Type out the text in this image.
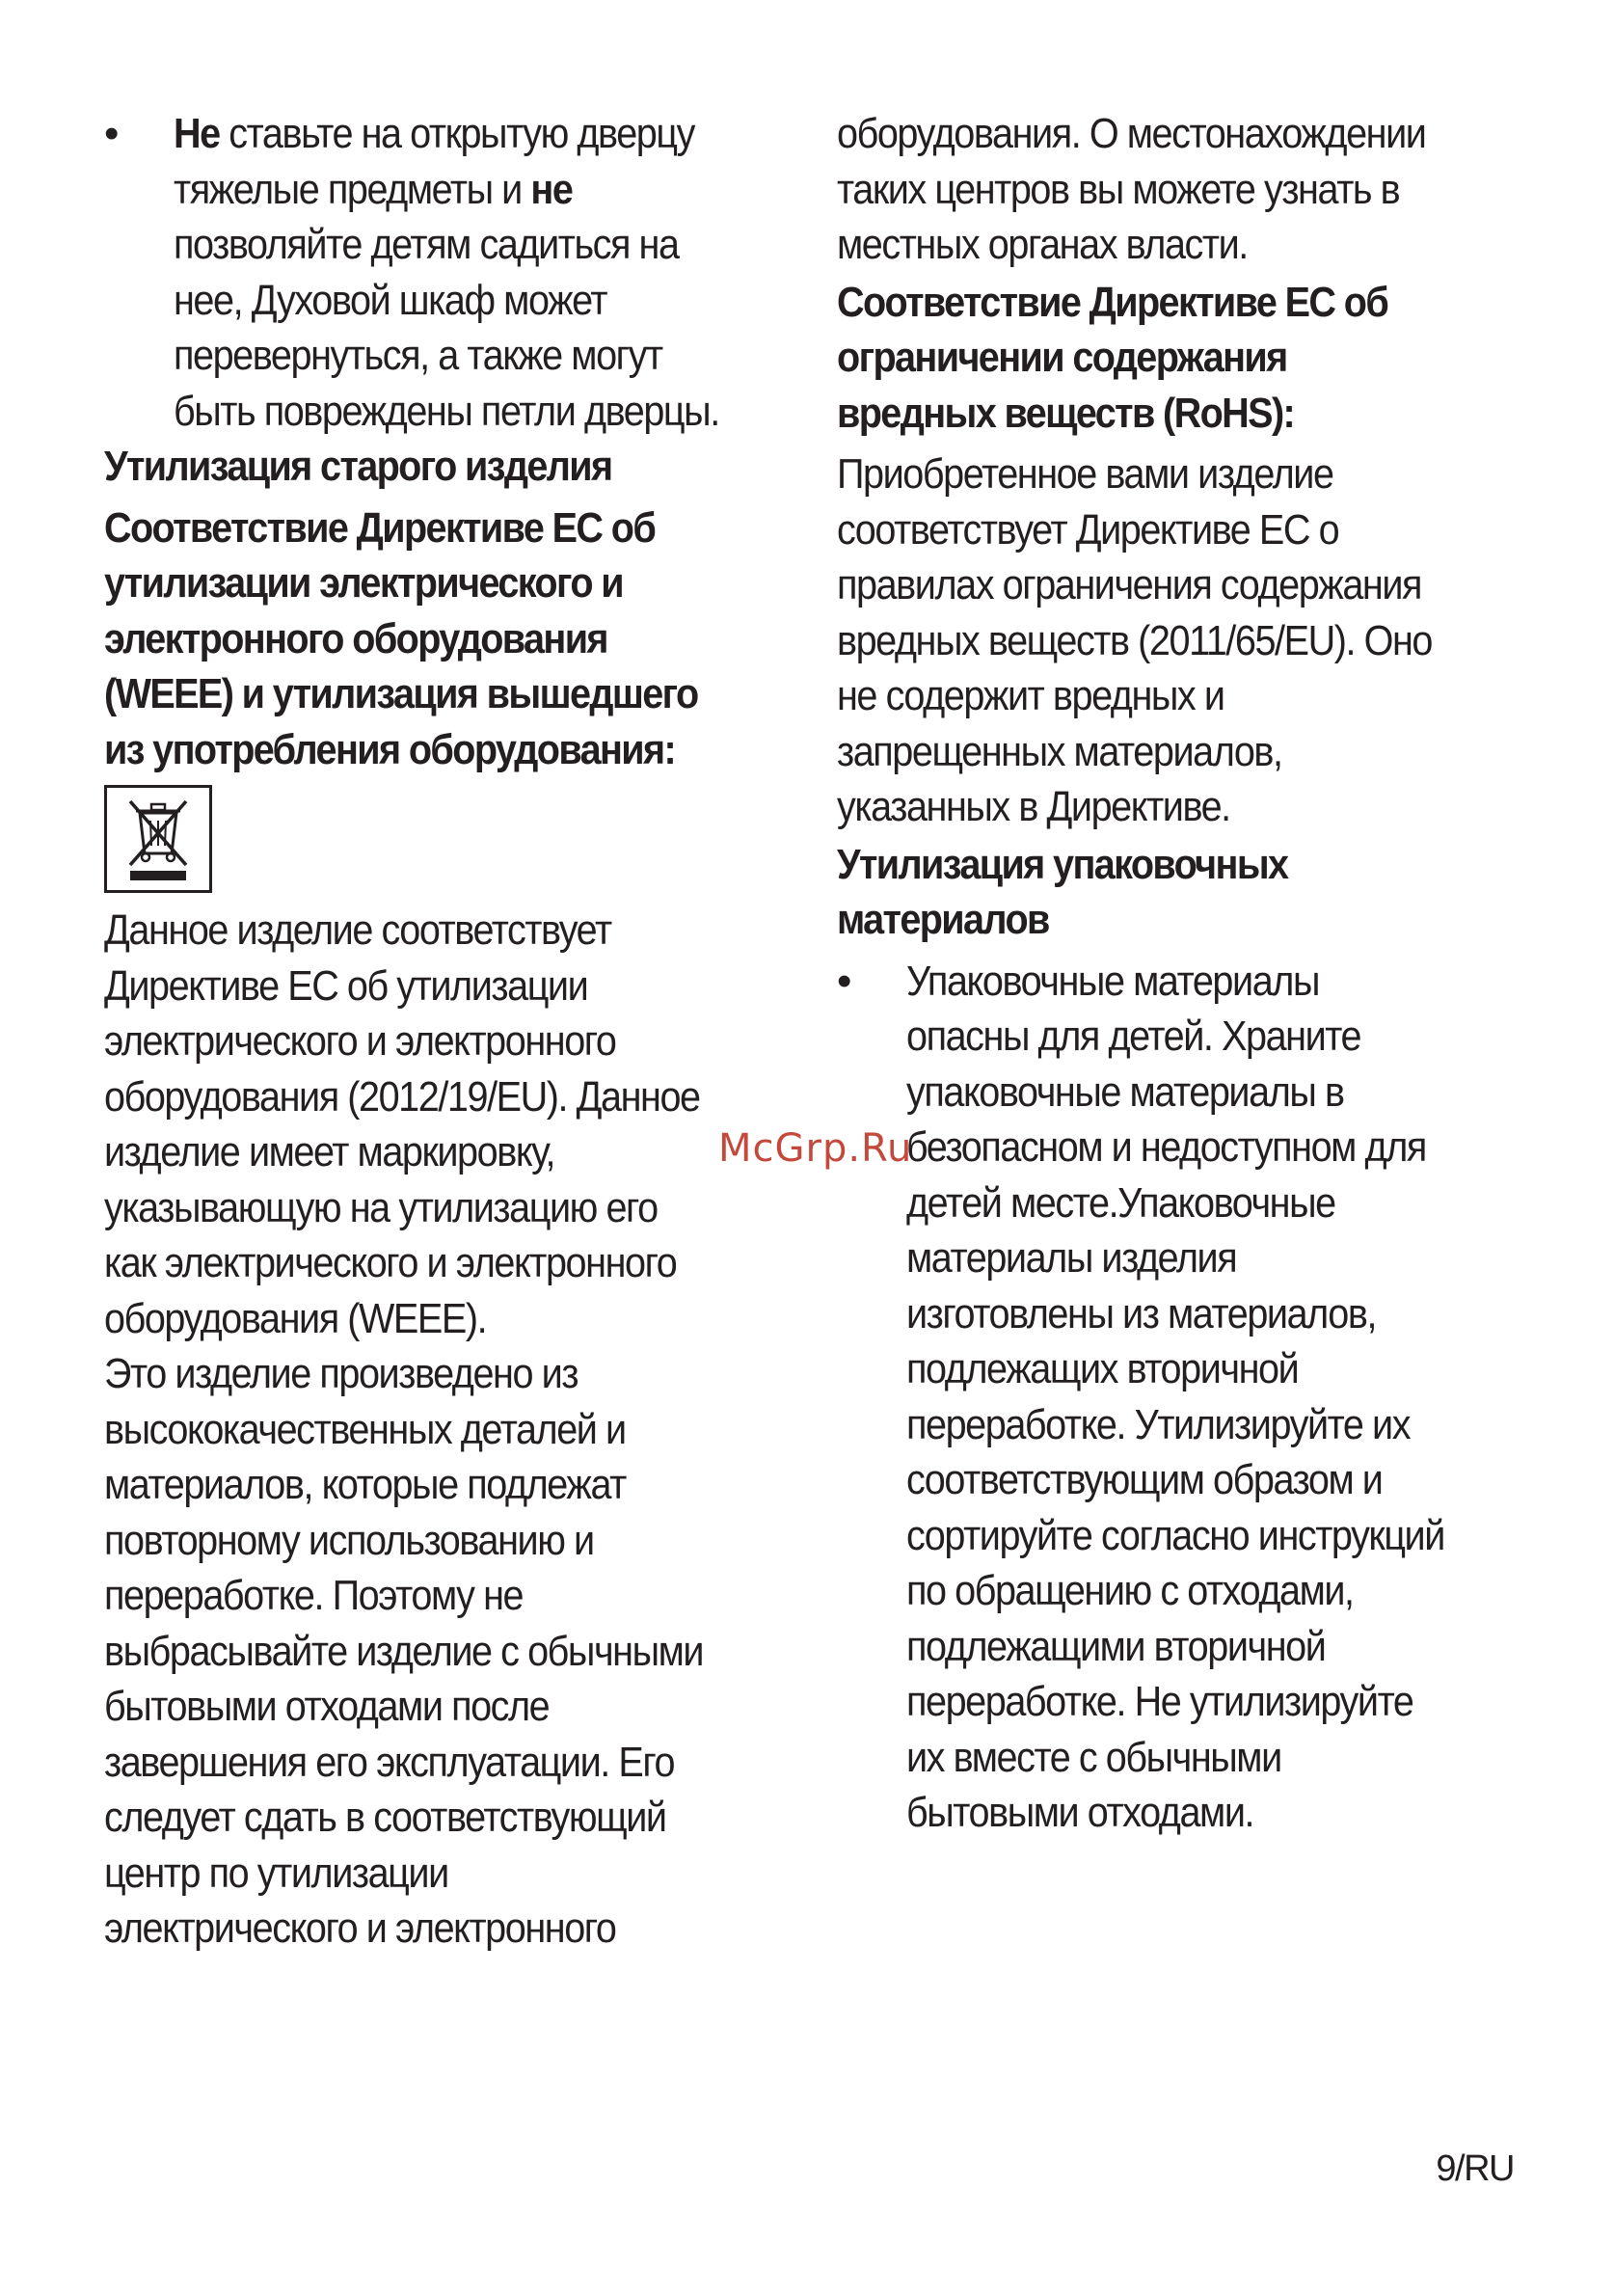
• Не ставьте на открытую дверцу
тяжелые предметы и не
позволяйте детям садиться на
нее, Духовой шкаф может
перевернуться, а также могут
быть повреждены петли дверцы.
Утилизация старого изделия
Соответствие Директиве ЕС об
утилизации электрического и
электронного оборудования
(WEEE) и утилизация вышедшего
из употребления оборудования:
Данное изделие соответствует
Директиве ЕС об утилизации
электрического и электронного
оборудования (2012/19/EU). Данное
изделие имеет маркировку,
указывающую на утилизацию его
как электрического и электронного
оборудования (WEEE).
Это изделие произведено из
высококачественных деталей и
материалов, которые подлежат
повторному использованию и
переработке. Поэтому не
выбрасывайте изделие с обычными
бытовыми отходами после
завершения его эксплуатации. Его
следует сдать в соответствующий
центр по утилизации
электрического и электронного
оборудования. О местонахождении
таких центров вы можете узнать в
местных органах власти.
Соответствие Директиве ЕС об
ограничении содержания
вредных веществ (RoHS):
Приобретенное вами изделие
соответствует Директиве ЕС о
правилах ограничения содержания
вредных веществ (2011/65/EU). Оно
не содержит вредных и
запрещенных материалов,
указанных в Директиве.
Утилизация упаковочных
материалов
• Упаковочные материалы
опасны для детей. Храните
упаковочные материалы в
безопасном и недоступном для
детей месте.Упаковочные
материалы изделия
изготовлены из материалов,
подлежащих вторичной
переработке. Утилизируйте их
соответствующим образом и
сортируйте согласно инструкций
по обращению с отходами,
подлежащими вторичной
переработке. Не утилизируйте
их вместе с обычными
бытовыми отходами.
McGrp.Ru
9/RU
